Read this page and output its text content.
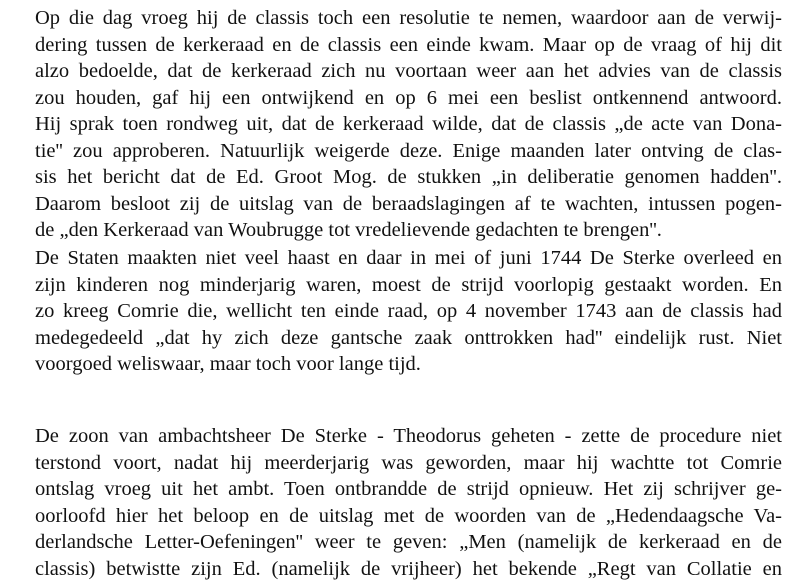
Op die dag vroeg hij de classis toch een resolutie te nemen, waardoor aan de verwij-
dering tussen de kerkeraad en de classis een einde kwam. Maar op de vraag of hij dit
alzo bedoelde, dat de kerkeraad zich nu voortaan weer aan het advies van de classis
zou houden, gaf hij een ontwijkend en op 6 mei een beslist ontkennend antwoord.
Hij sprak toen rondweg uit, dat de kerkeraad wilde, dat de classis „de acte van Dona-
tie'' zou approberen. Natuurlijk weigerde deze. Enige maanden later ontving de clas-
sis het bericht dat de Ed. Groot Mog. de stukken „in deliberatie genomen hadden''.
Daarom besloot zij de uitslag van de beraadslagingen af te wachten, intussen pogen-
de „den Kerkeraad van Woubrugge tot vredelievende gedachten te brengen''.
De Staten maakten niet veel haast en daar in mei of juni 1744 De Sterke overleed en
zijn kinderen nog minderjarig waren, moest de strijd voorlopig gestaakt worden. En
zo kreeg Comrie die, wellicht ten einde raad, op 4 november 1743 aan de classis had
medegedeeld „dat hy zich deze gantsche zaak onttrokken had'' eindelijk rust. Niet
voorgoed weliswaar, maar toch voor lange tijd.
De zoon van ambachtsheer De Sterke - Theodorus geheten - zette de procedure niet
terstond voort, nadat hij meerderjarig was geworden, maar hij wachtte tot Comrie
ontslag vroeg uit het ambt. Toen ontbrandde de strijd opnieuw. Het zij schrijver ge-
oorloofd hier het beloop en de uitslag met de woorden van de „Hedendaagsche Va-
derlandsche Letter-Oefeningen'' weer te geven: „Men (namelijk de kerkeraad en de
classis) betwistte zijn Ed. (namelijk de vrijheer) het bekende „Regt van Collatie en
